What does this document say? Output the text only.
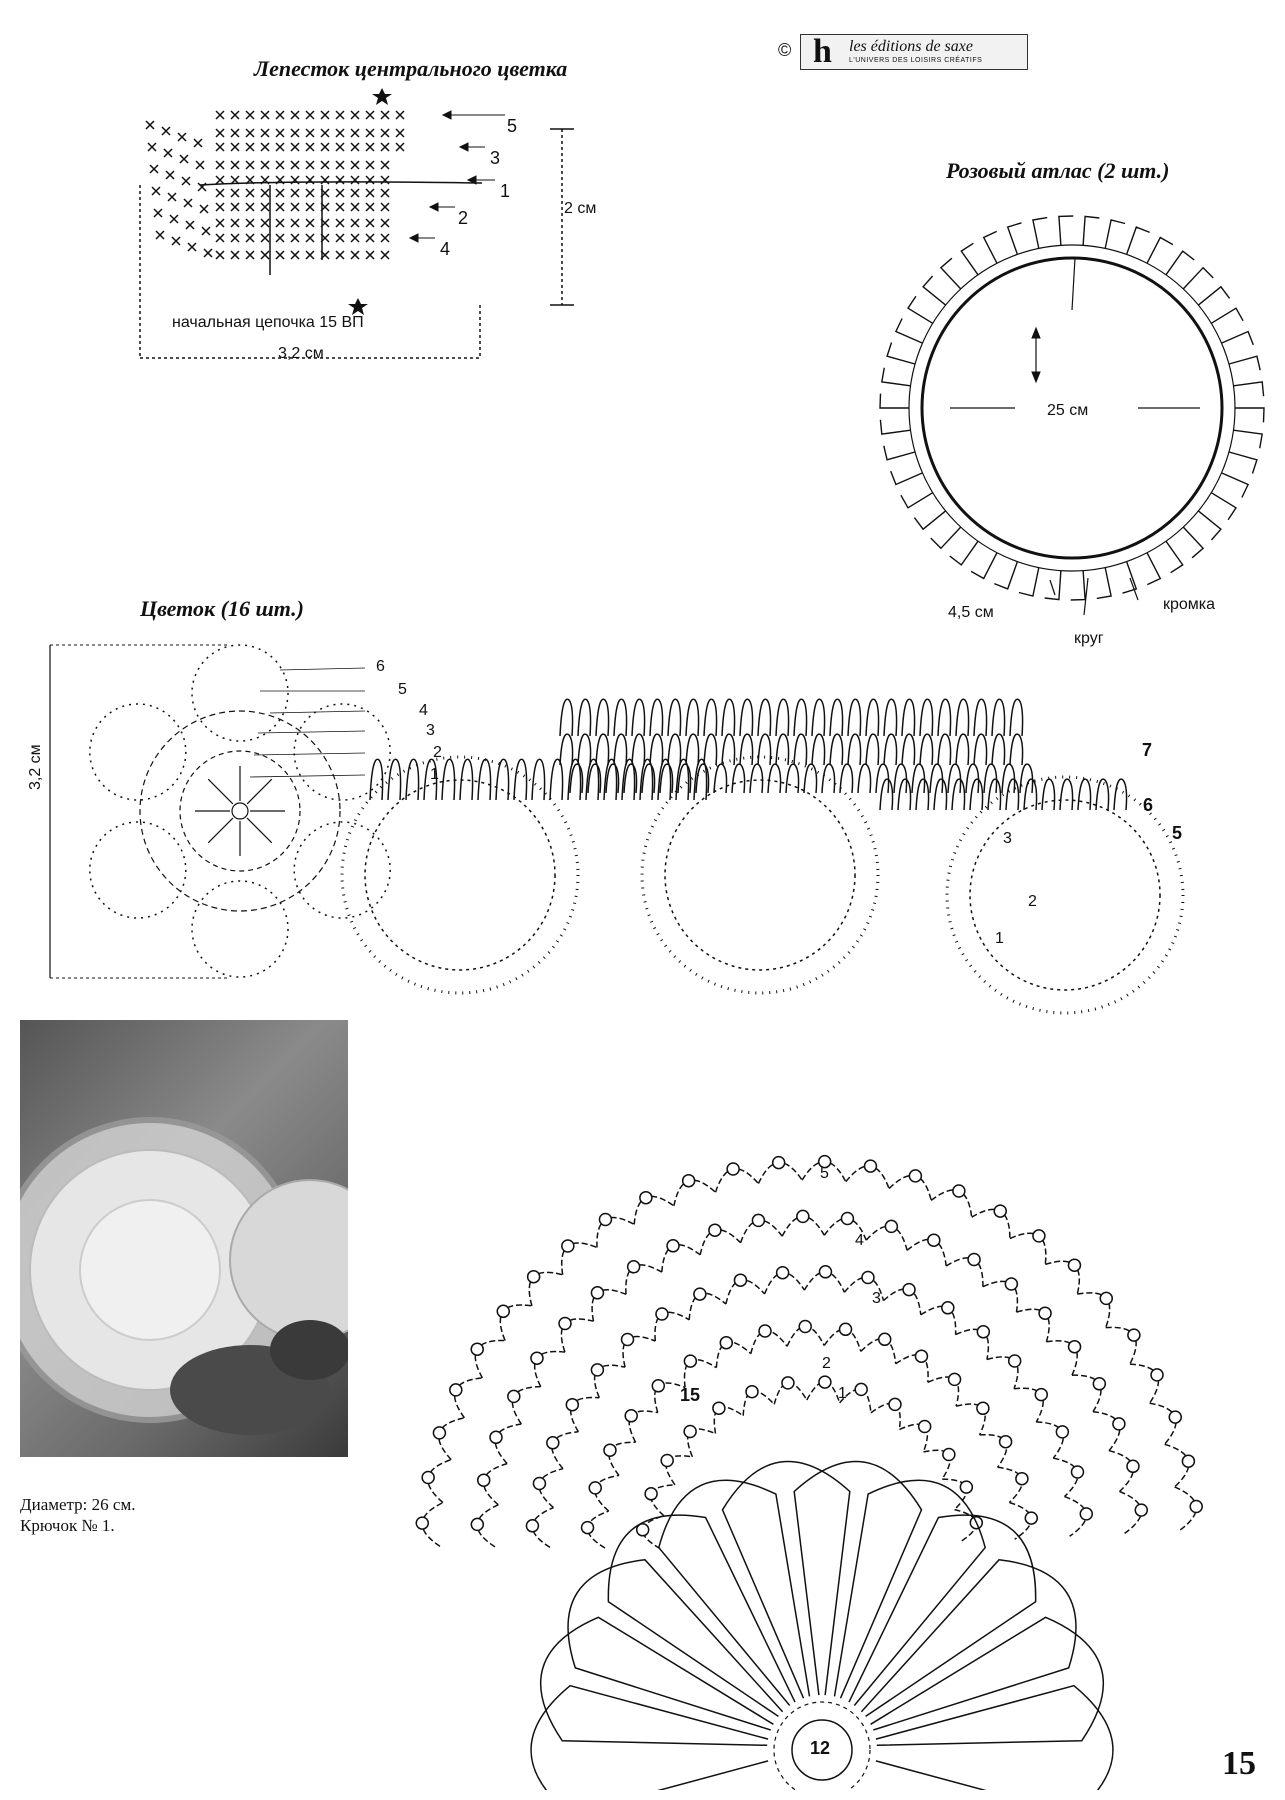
© h les éditions de saxe
L'UNIVERS DES LOISIRS CRÉATIFS
Лепесток центрального цветка
5
3
1
2
4
2 см
начальная цепочка 15 ВП
3,2 см
Розовый атлас (2 шт.)
25 см
4,5 см
круг
кромка
Цветок (16 шт.)
6
5
4
3
2
1
3,2 см	7
6
5
2
3
1
5
4
3
2
1
15
12
Диаметр: 26 см.
Крючок № 1.
15
